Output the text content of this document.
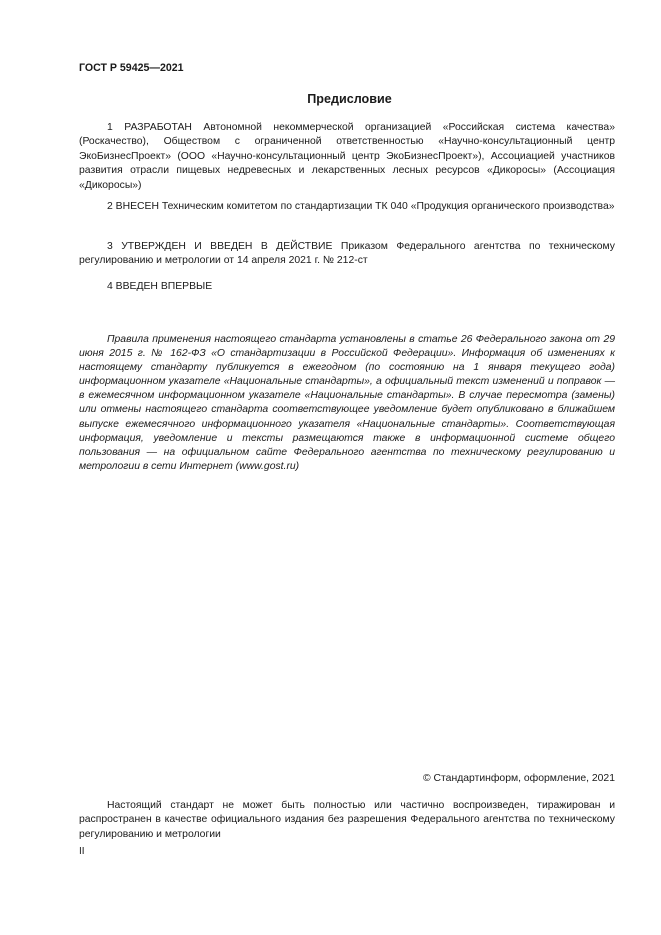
ГОСТ Р 59425—2021
Предисловие

1 РАЗРАБОТАН Автономной некоммерческой организацией «Российская система качества» (Роскачество), Обществом с ограниченной ответственностью «Научно-консультационный центр ЭкоБизнесПроект» (ООО «Научно-консультационный центр ЭкоБизнесПроект»), Ассоциацией участников развития отрасли пищевых недревесных и лекарственных лесных ресурсов «Дикоросы» (Ассоциация «Дикоросы»)

2 ВНЕСЕН Техническим комитетом по стандартизации ТК 040 «Продукция органического производства»

3 УТВЕРЖДЕН И ВВЕДЕН В ДЕЙСТВИЕ Приказом Федерального агентства по техническому регулированию и метрологии от 14 апреля 2021 г. № 212-ст

4 ВВЕДЕН ВПЕРВЫЕ

Правила применения настоящего стандарта установлены в статье 26 Федерального закона от 29 июня 2015 г. № 162-ФЗ «О стандартизации в Российской Федерации». Информация об изменениях к настоящему стандарту публикуется в ежегодном (по состоянию на 1 января текущего года) информационном указателе «Национальные стандарты», а официальный текст изменений и поправок — в ежемесячном информационном указателе «Национальные стандарты». В случае пересмотра (замены) или отмены настоящего стандарта соответствующее уведомление будет опубликовано в ближайшем выпуске ежемесячного информационного указателя «Национальные стандарты». Соответствующая информация, уведомление и тексты размещаются также в информационной системе общего пользования — на официальном сайте Федерального агентства по техническому регулированию и метрологии в сети Интернет (www.gost.ru)

© Стандартинформ, оформление, 2021

Настоящий стандарт не может быть полностью или частично воспроизведен, тиражирован и распространен в качестве официального издания без разрешения Федерального агентства по техническому регулированию и метрологии

II
